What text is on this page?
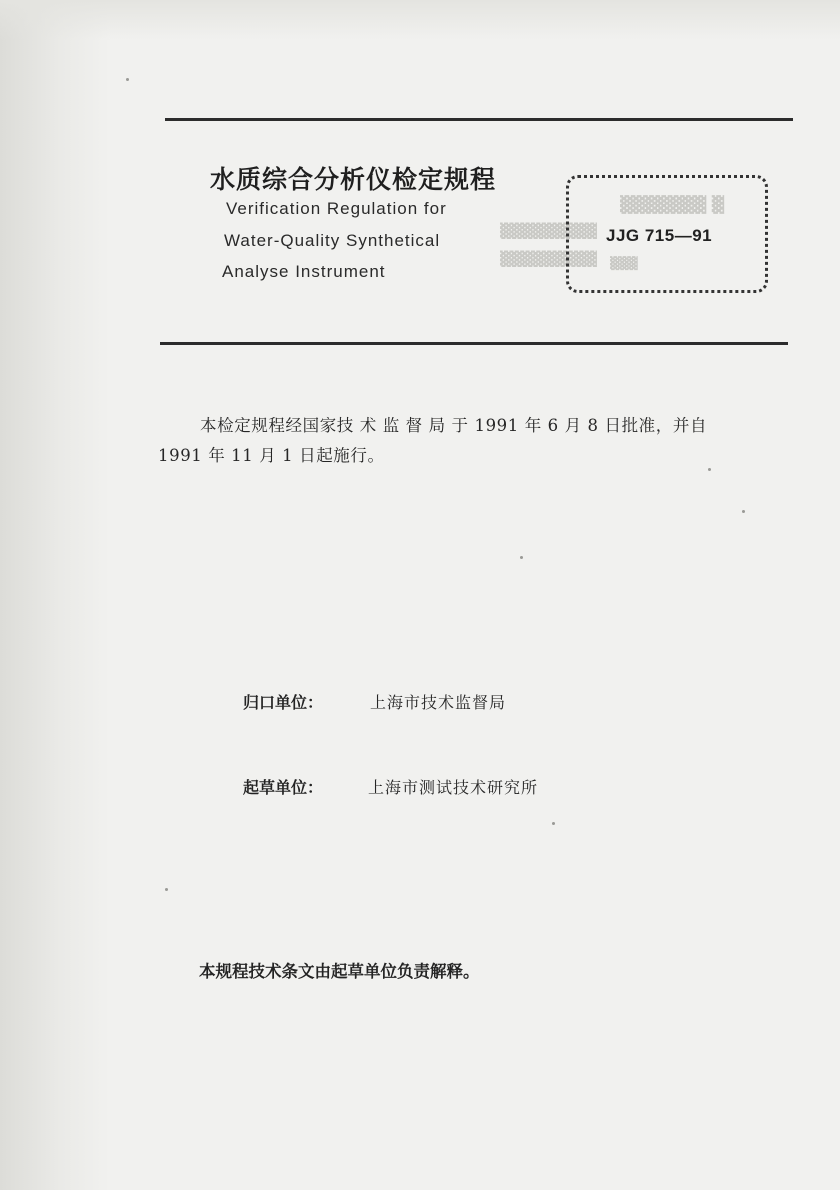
水质综合分析仪检定规程
Verification Regulation for
Water-Quality Synthetical
Analyse Instrument
▓▓▓▓▓▓▓ ▓
▓▓▓▓▓▓▓▓▓
▓▓▓▓▓▓▓▓▓ ▓▓▓
JJG 715—91
本检定规程经国家技 术 监 督 局 于 1991 年 6 月 8 日批准，并自
1991 年 11 月 1 日起施行。
归口单位：	上海市技术监督局
起草单位：	上海市测试技术研究所
本规程技术条文由起草单位负责解释。
